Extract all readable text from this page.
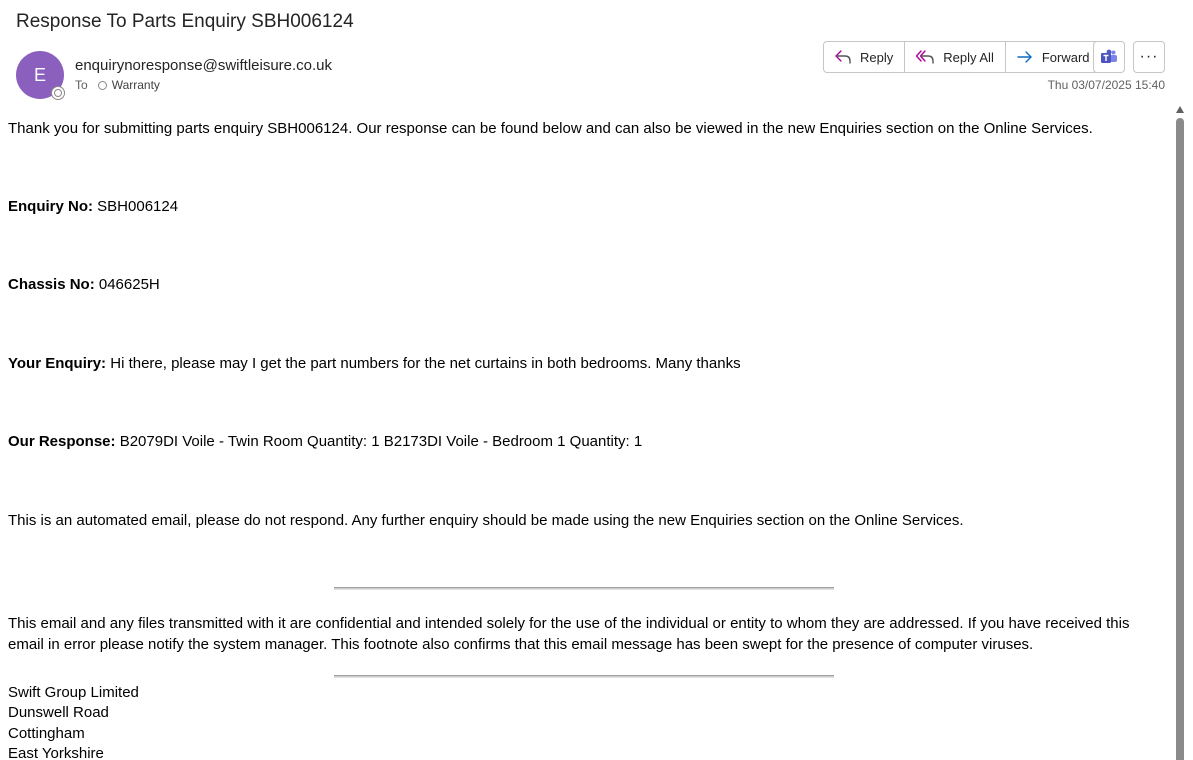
Response To Parts Enquiry SBH006124
E	enquirynoresponse@swiftleisure.co.uk
To Warranty
Reply	Reply All	Forward	···
Thu 03/07/2025 15:40

Thank you for submitting parts enquiry SBH006124. Our response can be found below and can also be viewed in the new Enquiries section on the Online Services.

Enquiry No: SBH006124

Chassis No: 046625H

Your Enquiry: Hi there, please may I get the part numbers for the net curtains in both bedrooms. Many thanks

Our Response: B2079DI Voile - Twin Room Quantity: 1 B2173DI Voile - Bedroom 1 Quantity: 1

This is an automated email, please do not respond. Any further enquiry should be made using the new Enquiries section on the Online Services.

This email and any files transmitted with it are confidential and intended solely for the use of the individual or entity to whom they are addressed. If you have received this email in error please notify the system manager. This footnote also confirms that this email message has been swept for the presence of computer viruses.

Swift Group Limited
Dunswell Road
Cottingham
East Yorkshire
